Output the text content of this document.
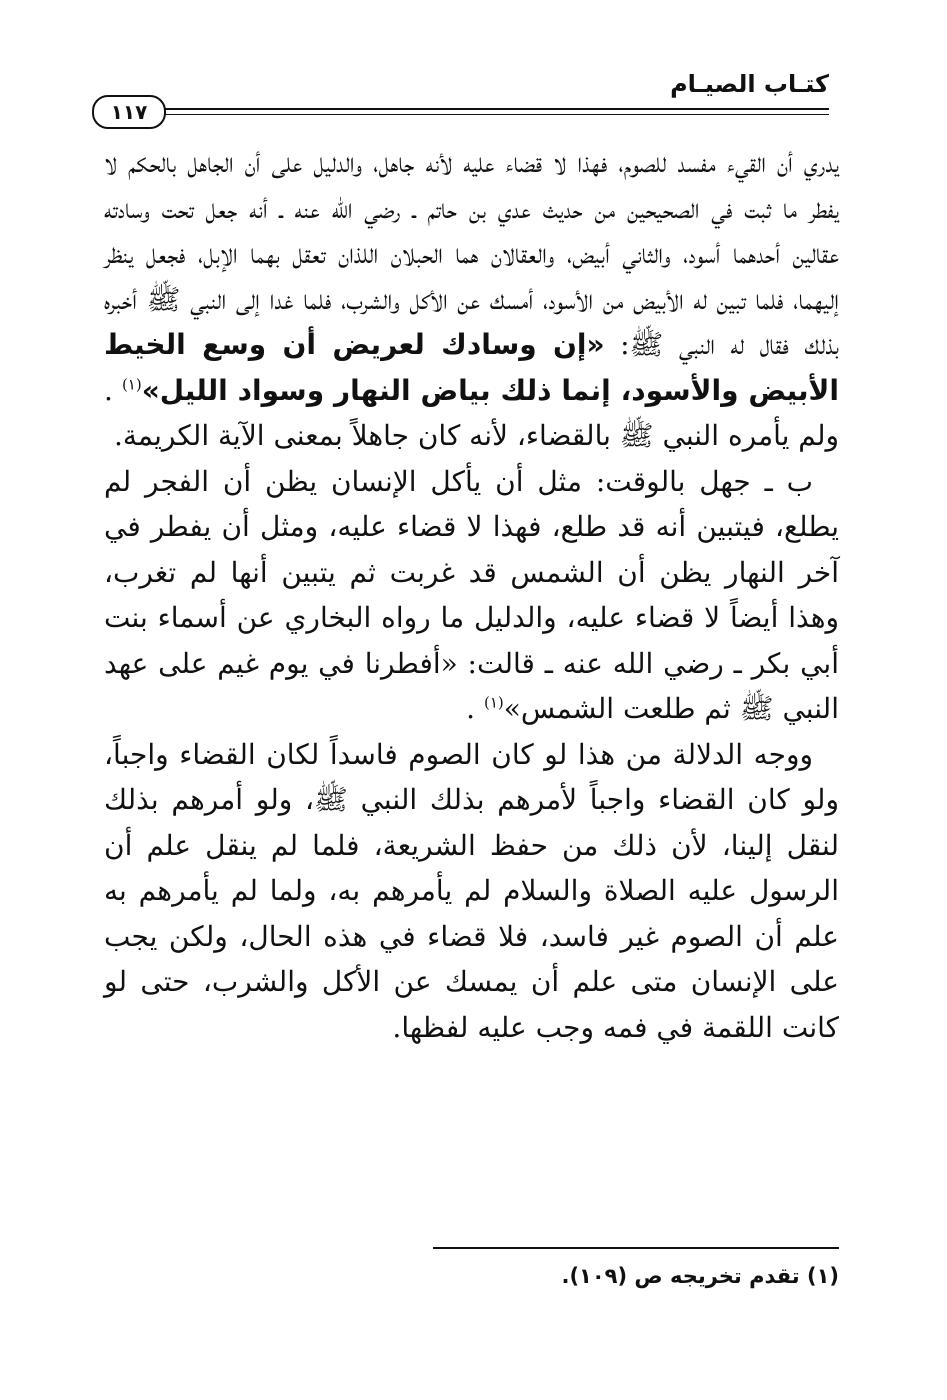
كتـاب الصيـام
١١٧

يدري أن القيء مفسد للصوم، فهذا لا قضاء عليه لأنه جاهل، والدليل على أن الجاهل بالحكم لا يفطر ما ثبت في الصحيحين من حديث عدي بن حاتم ـ رضي الله عنه ـ أنه جعل تحت وسادته عقالين أحدهما أسود، والثاني أبيض، والعقالان هما الحبلان اللذان تعقل بهما الإبل، فجعل ينظر إليهما، فلما تبين له الأبيض من الأسود، أمسك عن الأكل والشرب، فلما غدا إلى النبي ﷺ أخبره بذلك فقال له النبي ﷺ: «إن وسادك لعريض أن وسع الخيط الأبيض والأسود، إنما ذلك بياض النهار وسواد الليل»$^{(١)}$ . ولم يأمره النبي ﷺ بالقضاء، لأنه كان جاهلاً بمعنى الآية الكريمة.

ب ـ جهل بالوقت: مثل أن يأكل الإنسان يظن أن الفجر لم يطلع، فيتبين أنه قد طلع، فهذا لا قضاء عليه، ومثل أن يفطر في آخر النهار يظن أن الشمس قد غربت ثم يتبين أنها لم تغرب، وهذا أيضاً لا قضاء عليه، والدليل ما رواه البخاري عن أسماء بنت أبي بكر ـ رضي الله عنه ـ قالت: «أفطرنا في يوم غيم على عهد النبي ﷺ ثم طلعت الشمس»$^{(١)}$ .

ووجه الدلالة من هذا لو كان الصوم فاسداً لكان القضاء واجباً، ولو كان القضاء واجباً لأمرهم بذلك النبي ﷺ، ولو أمرهم بذلك لنقل إلينا، لأن ذلك من حفظ الشريعة، فلما لم ينقل علم أن الرسول عليه الصلاة والسلام لم يأمرهم به، ولما لم يأمرهم به علم أن الصوم غير فاسد، فلا قضاء في هذه الحال، ولكن يجب على الإنسان متى علم أن يمسك عن الأكل والشرب، حتى لو كانت اللقمة في فمه وجب عليه لفظها.

(١) تقدم تخريجه ص (١٠٩).
